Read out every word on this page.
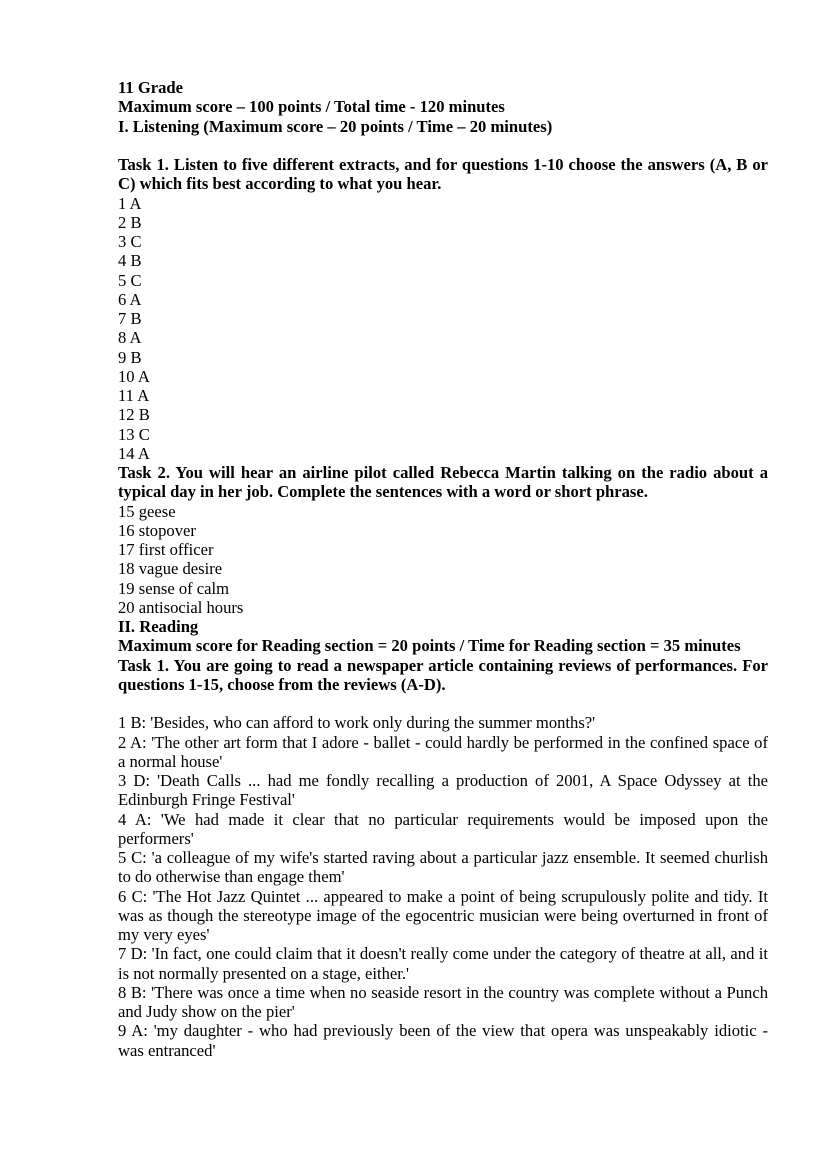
11 Grade
Maximum score – 100 points / Total time - 120 minutes
I. Listening (Maximum score – 20 points / Time – 20 minutes)

Task 1. Listen to five different extracts, and for questions 1-10 choose the answers (A, B or C) which fits best according to what you hear.

1 A
2 B
3 C
4 B
5 C
6 A
7 B
8 A
9 B
10 A
11 A
12 B
13 C
14 A

Task 2. You will hear an airline pilot called Rebecca Martin talking on the radio about a typical day in her job. Complete the sentences with a word or short phrase.

15 geese
16 stopover
17 first officer
18 vague desire
19 sense of calm
20 antisocial hours
II. Reading
Maximum score for Reading section = 20 points / Time for Reading section = 35 minutes

Task 1. You are going to read a newspaper article containing reviews of performances. For questions 1-15, choose from the reviews (A-D).

1 B: 'Besides, who can afford to work only during the summer months?'

2 A: 'The other art form that I adore - ballet - could hardly be performed in the confined space of a normal house'

3 D: 'Death Calls ... had me fondly recalling a production of 2001, A Space Odyssey at the Edinburgh Fringe Festival'

4 A: 'We had made it clear that no particular requirements would be imposed upon the performers'

5 C: 'a colleague of my wife's started raving about a particular jazz ensemble. It seemed churlish to do otherwise than engage them'

6 C: 'The Hot Jazz Quintet ... appeared to make a point of being scrupulously polite and tidy. It was as though the stereotype image of the egocentric musician were being overturned in front of my very eyes'

7 D: 'In fact, one could claim that it doesn't really come under the category of theatre at all, and it is not normally presented on a stage, either.'

8 B: 'There was once a time when no seaside resort in the country was complete without a Punch and Judy show on the pier'

9 A: 'my daughter - who had previously been of the view that opera was unspeakably idiotic - was entranced'
